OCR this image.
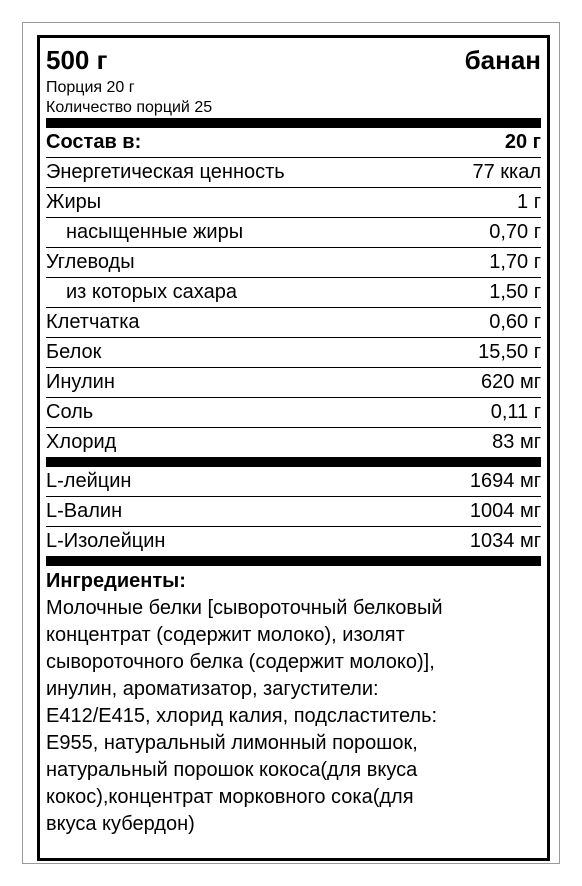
500 г	банан
Порция 20 г
Количество порций 25
Состав в:	20 г
Энергетическая ценность	77 ккал
Жиры	1 г
насыщенные жиры	0,70 г
Углеводы	1,70 г
из которых сахара	1,50 г
Клетчатка	0,60 г
Белок	15,50 г
Инулин	620 мг
Соль	0,11 г
Хлорид	83 мг
L-лейцин	1694 мг
L-Валин	1004 мг
L-Изолейцин	1034 мг
Ингредиенты:
Молочные белки [сывороточный белковый
концентрат (содержит молоко), изолят
сывороточного белка (содержит молоко)],
инулин, ароматизатор, загустители:
Е412/Е415, хлорид калия, подсластитель:
Е955, натуральный лимонный порошок,
натуральный порошок кокоса(для вкуса
кокос),концентрат морковного сока(для
вкуса кубердон)
